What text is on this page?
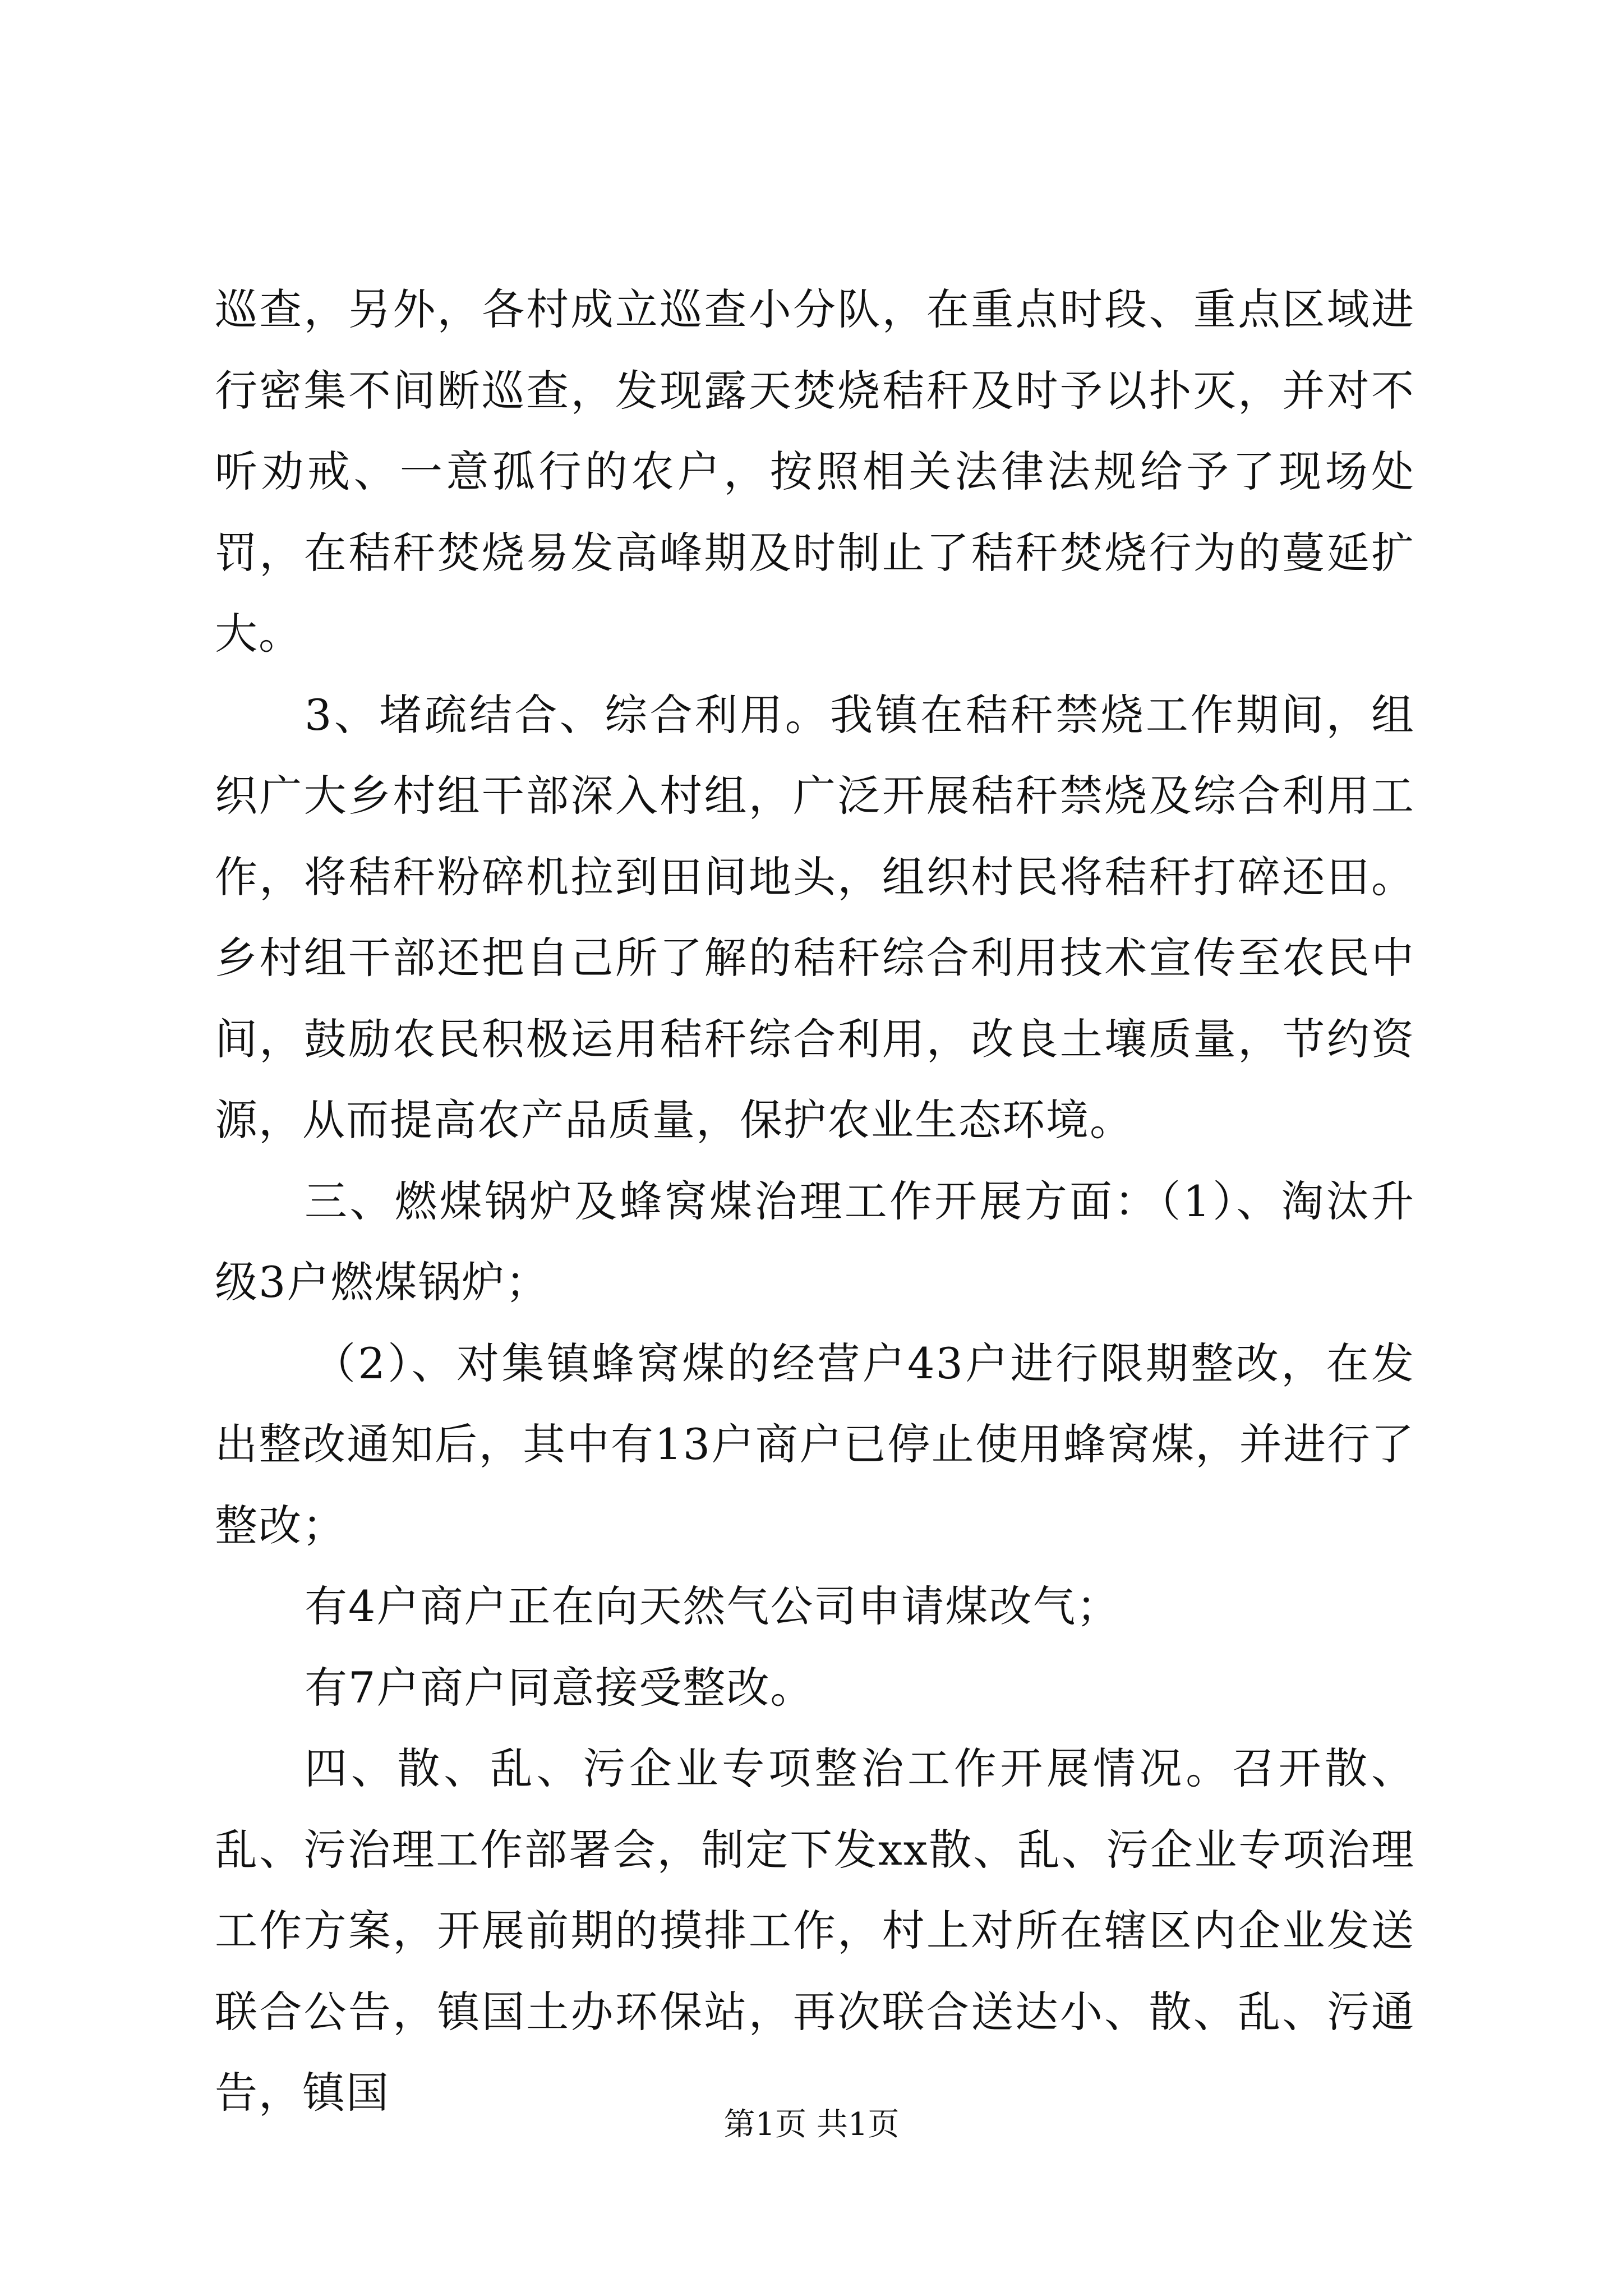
巡查，另外，各村成立巡查小分队，在重点时段、重点区域进行密集不间断巡查，发现露天焚烧秸秆及时予以扑灭，并对不听劝戒、一意孤行的农户，按照相关法律法规给予了现场处罚，在秸秆焚烧易发高峰期及时制止了秸秆焚烧行为的蔓延扩大。

3、堵疏结合、综合利用。我镇在秸秆禁烧工作期间，组织广大乡村组干部深入村组，广泛开展秸秆禁烧及综合利用工作，将秸秆粉碎机拉到田间地头，组织村民将秸秆打碎还田。乡村组干部还把自己所了解的秸秆综合利用技术宣传至农民中间，鼓励农民积极运用秸秆综合利用，改良土壤质量，节约资源，从而提高农产品质量，保护农业生态环境。

三、燃煤锅炉及蜂窝煤治理工作开展方面：（1）、淘汰升级3户燃煤锅炉；

（2）、对集镇蜂窝煤的经营户43户进行限期整改，在发出整改通知后，其中有13户商户已停止使用蜂窝煤，并进行了整改；

有4户商户正在向天然气公司申请煤改气；

有7户商户同意接受整改。

四、散、乱、污企业专项整治工作开展情况。召开散、乱、污治理工作部署会，制定下发xx散、乱、污企业专项治理工作方案，开展前期的摸排工作，村上对所在辖区内企业发送联合公告，镇国土办环保站，再次联合送达小、散、乱、污通告，镇国

第1页 共1页
